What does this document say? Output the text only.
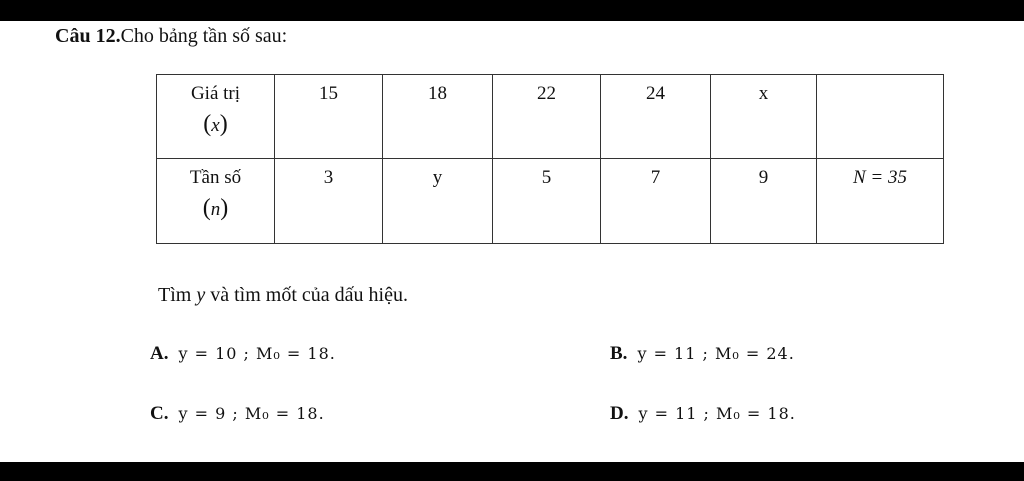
Câu 12.Cho bảng tần số sau:
Giá trị
(x)	15	18	22	24	x	

Tần số
(n)	3	y	5	7	9	N = 35
Tìm y và tìm mốt của dấu hiệu.
A. y = 10 ; M₀ = 18.	B. y = 11 ; M₀ = 24.
C. y = 9 ; M₀ = 18.	D. y = 11 ; M₀ = 18.
